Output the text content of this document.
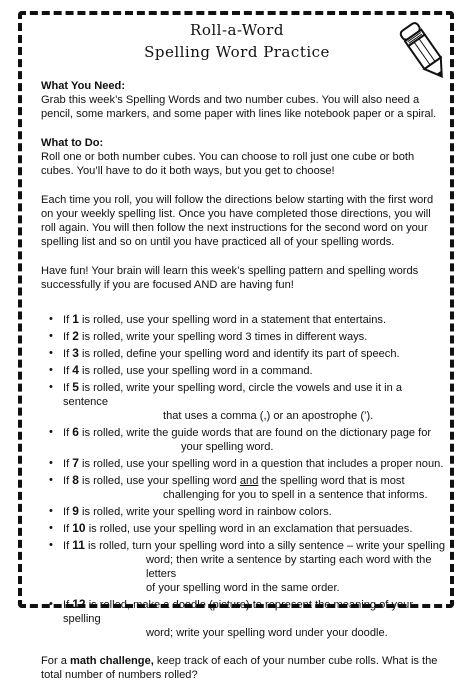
Roll-a-Word
Spelling Word Practice
What You Need:

Grab this week’s Spelling Words and two number cubes. You will also need a pencil, some markers, and some paper with lines like notebook paper or a spiral.

What to Do:

Roll one or both number cubes. You can choose to roll just one cube or both cubes. You’ll have to do it both ways, but you get to choose!

Each time you roll, you will follow the directions below starting with the first word on your weekly spelling list. Once you have completed those directions, you will roll again. You will then follow the next instructions for the second word on your spelling list and so on until you have practiced all of your spelling words.

Have fun! Your brain will learn this week’s spelling pattern and spelling words successfully if you are focused AND are having fun!

• If 1 is rolled, use your spelling word in a statement that entertains.
• If 2 is rolled, write your spelling word 3 times in different ways.
• If 3 is rolled, define your spelling word and identify its part of speech.
• If 4 is rolled, use your spelling word in a command.
• If 5 is rolled, write your spelling word, circle the vowels and use it in a sentence
that uses a comma (,) or an apostrophe (’).
• If 6 is rolled, write the guide words that are found on the dictionary page for
your spelling word.
• If 7 is rolled, use your spelling word in a question that includes a proper noun.
• If 8 is rolled, use your spelling word and the spelling word that is most
challenging for you to spell in a sentence that informs.
• If 9 is rolled, write your spelling word in rainbow colors.
• If 10 is rolled, use your spelling word in an exclamation that persuades.
• If 11 is rolled, turn your spelling word into a silly sentence – write your spelling
word; then write a sentence by starting each word with the letters
of your spelling word in the same order.
• If 12 is rolled, make a doodle (picture) to represent the meaning of your spelling
word; write your spelling word under your doodle.

For a math challenge, keep track of each of your number cube rolls. What is the total number of numbers rolled?
